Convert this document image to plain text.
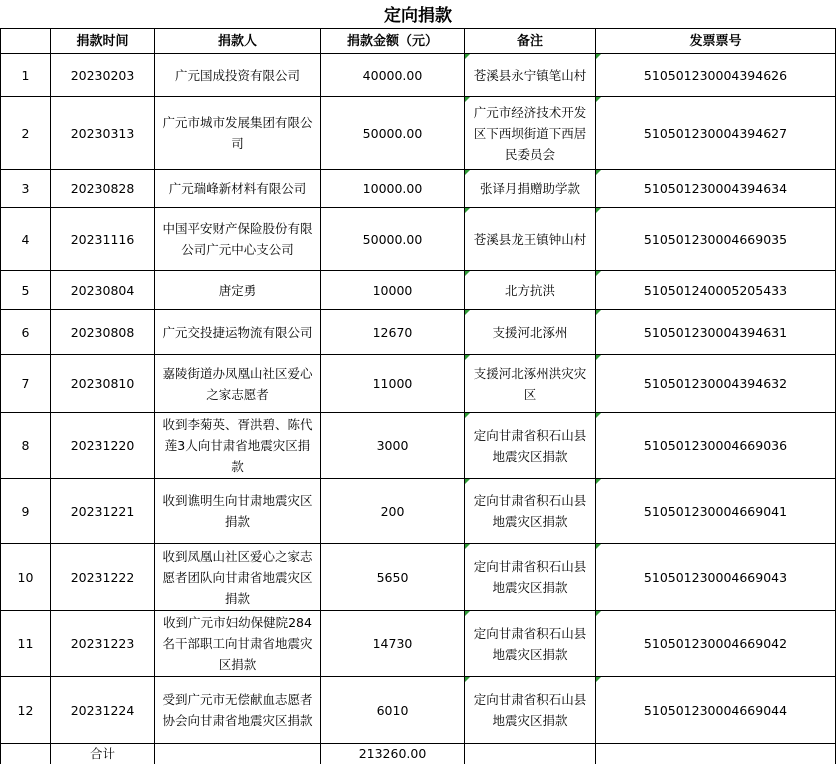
定向捐款
	捐款时间	捐款人	捐款金额（元）	备注	发票票号
1	20230203	广元国成投资有限公司	40000.00	苍溪县永宁镇笔山村	510501230004394626
2	20230313	广元市城市发展集团有限公司	50000.00	广元市经济技术开发区下西坝街道下西居民委员会	510501230004394627
3	20230828	广元瑞峰新材料有限公司	10000.00	张译月捐赠助学款	510501230004394634
4	20231116	中国平安财产保险股份有限公司广元中心支公司	50000.00	苍溪县龙王镇钟山村	510501230004669035
5	20230804	唐定勇	10000	北方抗洪	510501240005205433
6	20230808	广元交投捷运物流有限公司	12670	支援河北涿州	510501230004394631
7	20230810	嘉陵街道办凤凰山社区爱心之家志愿者	11000	支援河北涿州洪灾灾区	510501230004394632
8	20231220	收到李菊英、胥洪碧、陈代莲3人向甘肃省地震灾区捐款	3000	定向甘肃省积石山县地震灾区捐款	510501230004669036
9	20231221	收到谯明生向甘肃地震灾区捐款	200	定向甘肃省积石山县地震灾区捐款	510501230004669041
10	20231222	收到凤凰山社区爱心之家志愿者团队向甘肃省地震灾区捐款	5650	定向甘肃省积石山县地震灾区捐款	510501230004669043
11	20231223	收到广元市妇幼保健院284名干部职工向甘肃省地震灾区捐款	14730	定向甘肃省积石山县地震灾区捐款	510501230004669042
12	20231224	受到广元市无偿献血志愿者协会向甘肃省地震灾区捐款	6010	定向甘肃省积石山县地震灾区捐款	510501230004669044
	合计		213260.00		
